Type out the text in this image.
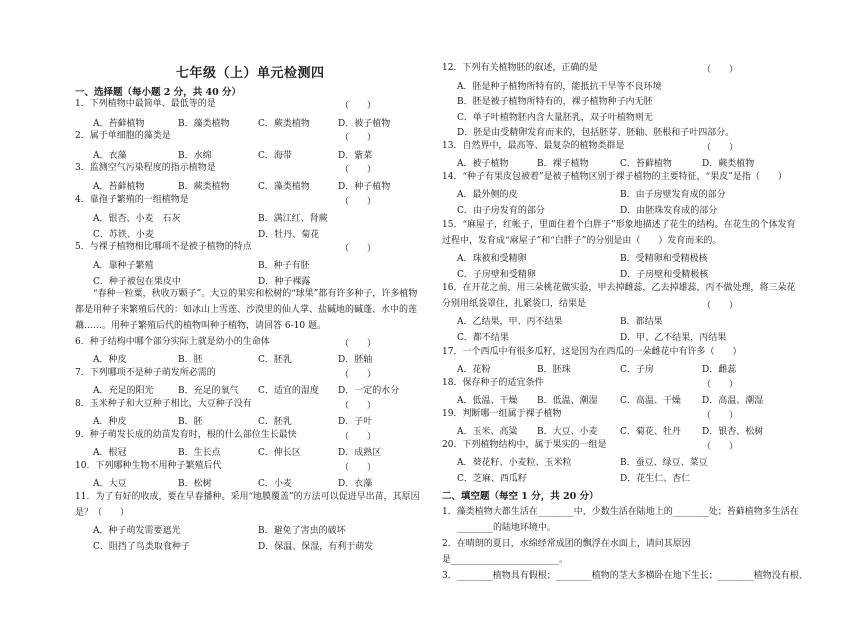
七年级（上）单元检测四
一、选择题（每小题 2 分，共 40 分）
1．下列植物中最简单、最低等的是	（　　）
A．苔藓植物	B．藻类植物	C．蕨类植物	D．被子植物
2．属于单细胞的藻类是	（　　）
A．衣藻	B．水绵	C．海带	D．紫菜
3．监测空气污染程度的指示植物是	（　　）
A．苔藓植物	B．蕨类植物	C．藻类植物	D．种子植物
4．靠孢子繁殖的一组植物是	（　　）
A．银杏、小麦　石灰	B．满江红、肾蕨
C．苏铁、小麦	D．牡丹、菊花
5．与裸子植物相比哪项不是被子植物的特点	（　　）
A．靠种子繁殖	B．种子有胚
C．种子被包在果皮中	D．种子裸露
“春种一粒粟，秋收万颗子”。大豆的果实和松树的“球果”都有许多种子，许多植物
都是用种子来繁殖后代的：如冰山上雪莲、沙漠里的仙人掌、盐碱地的碱蓬、水中的莲
藕……。用种子繁殖后代的植物叫种子植物，请回答 6-10 题。
6．种子结构中哪个部分实际上就是幼小的生命体	（　　）
A．种皮	B．胚	C．胚乳	D．胚轴
7．下列哪项不是种子萌发所必需的	（　　）
A．充足的阳光	B．充足的氧气 C．适宜的湿度 D．一定的水分
8．玉米种子和大豆种子相比，大豆种子没有	（　　）
A．种皮	B．胚	C．胚乳	D．子叶
9．种子萌发长成的幼苗发育时，根的什么部位生长最快	（　　）
A．根冠	B．生长点	C．伸长区	D．成熟区
10．下列哪种生物不用种子繁殖后代	（　　）
A．大豆	B．松树	C．小麦	D．衣藻
11．为了有好的收成，要在早春播种。采用“地膜覆盖”的方法可以促进早出苗，其原因
是？（　　）
A．种子萌发需要遮光	B．避免了害虫的破坏
C．阻挡了鸟类取食种子	D．保温、保湿，有利于萌发
12．下列有关植物胚的叙述，正确的是	（　　）
A．胚是种子植物所特有的，能抵抗干旱等不良环境
B．胚是被子植物所特有的，裸子植物种子内无胚
C．单子叶植物胚内含大量胚乳，双子叶植物则无
D．胚是由受精卵发育而来的，包括胚芽、胚轴、胚根和子叶四部分。
13．自然界中，最高等、最复杂的植物类群是	（　　）
A．被子植物	B．裸子植物	C．苔藓植物	D．蕨类植物
14．“种子有果皮包被着”是被子植物区别于裸子植物的主要特征，“果皮”是指（　　）
A．最外侧的皮	B．由子房壁发育成的部分
C．由子房发育的部分	D．由胚珠发育成的部分
15．“麻屋子，红帐子，里面住着个白胖子”形象地描述了花生的结构。在花生的个体发育
过程中，发育成“麻屋子”和“白胖子”的分别是由（　　）发育而来的。
A．珠被和受精卵	B．受精卵和受精极核
C．子房壁和受精卵	D．子房壁和受精极核
16．在开花之前，用三朵桃花做实验，甲去掉雌蕊，乙去掉雄蕊，丙不做处理，将三朵花
分别用纸袋罩住，扎紧袋口，结果是	（　　）
A．乙结果，甲、丙不结果	B．都结果
C．都不结果	D．甲、乙不结果，丙结果
17．一个西瓜中有很多瓜籽，这是因为在西瓜的一朵雌花中有许多（　　）
A．花粉	B．胚珠	C．子房	D．雌蕊
18．保存种子的适宜条件	（　　）
A．低温、干燥 B．低温、潮湿 C．高温、干燥 D．高温、潮湿
19．判断哪一组属于裸子植物	（　　）
A．玉米、高粱 B．大豆、小麦 C．菊花、牡丹 D．银杏、松树
20．下列植物结构中，属于果实的一组是	（　　）
A．葵花籽、小麦粒、玉米粒	B．蚕豆、绿豆、菜豆
C．芝麻、西瓜籽	D．花生仁、杏仁
二、填空题（每空 1 分，共 20 分）
1．藻类植物大都生活在________中，少数生活在陆地上的________处；苔藓植物多生活在
________的陆地环境中。
2．在晴朗的夏日，水绵经常成团的飘浮在水面上，请问其原因
是________________________。
3．________植物具有假根；________植物的茎大多横卧在地下生长；________植物没有根、
